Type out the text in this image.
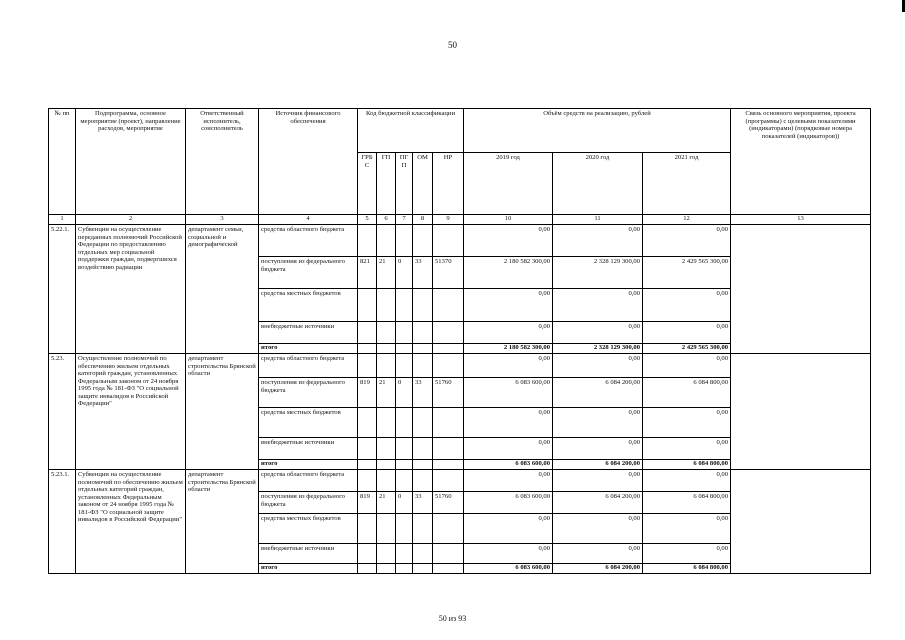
50
№ пп	Подпрограмма, основное мероприятие (проект), направление расходов, мероприятие	Ответственный исполнитель, соисполнитель	Источник финансового обеспечения	Код бюджетной классификации					Объём средств на реализацию, рублей			Связь основного мероприятия, проекта (программы) с целевыми показателями (индикаторами) (порядковые номера показателей (индикаторов))
				ГРБ С	ГП	ПГ П	ОМ	НР	2019 год	2020 год	2021 год	
1	2	3	4	5	6	7	8	9	10	11	12	13
5.22.1.	Субвенции на осуществление переданных полномочий Российской Федерации по предоставлению отдельных мер социальной поддержки граждан, подвергшихся воздействию радиации	департамент семьи, социальной и демографической	средства областного бюджета						0,00	0,00	0,00	
			поступления из федерального бюджета	821	21	0	33	51370	2 180 582 300,00	2 328 129 300,00	2 429 565 300,00	
			средства местных бюджетов						0,00	0,00	0,00	
			внебюджетные источники						0,00	0,00	0,00	
			итого						2 180 582 300,00	2 328 129 300,00	2 429 565 300,00	
5.23.	Осуществление полномочий по обеспечению жильем отдельных категорий граждан, установленных Федеральным законом от 24 ноября 1995 года № 181-ФЗ "О социальной защите инвалидов в Российской Федерации"	департамент строительства Брянской области	средства областного бюджета						0,00	0,00	0,00	
			поступления из федерального бюджета	819	21	0	33	51760	6 083 600,00	6 084 200,00	6 084 800,00	
			средства местных бюджетов						0,00	0,00	0,00	
			внебюджетные источники						0,00	0,00	0,00	
			итого						6 083 600,00	6 084 200,00	6 084 800,00	
5.23.1.	Субвенции на осуществление полномочий по обеспечению жильем отдельных категорий граждан, установленных Федеральным законом от 24 ноября 1995 года № 181-ФЗ "О социальной защите инвалидов в Российской Федерации"	департамент строительства Брянской области	средства областного бюджета						0,00	0,00	0,00	
			поступления из федерального бюджета	819	21	0	33	51760	6 083 600,00	6 084 200,00	6 084 800,00	
			средства местных бюджетов						0,00	0,00	0,00	
			внебюджетные источники						0,00	0,00	0,00	
			итого						6 083 600,00	6 084 200,00	6 084 800,00	
50 из 93
